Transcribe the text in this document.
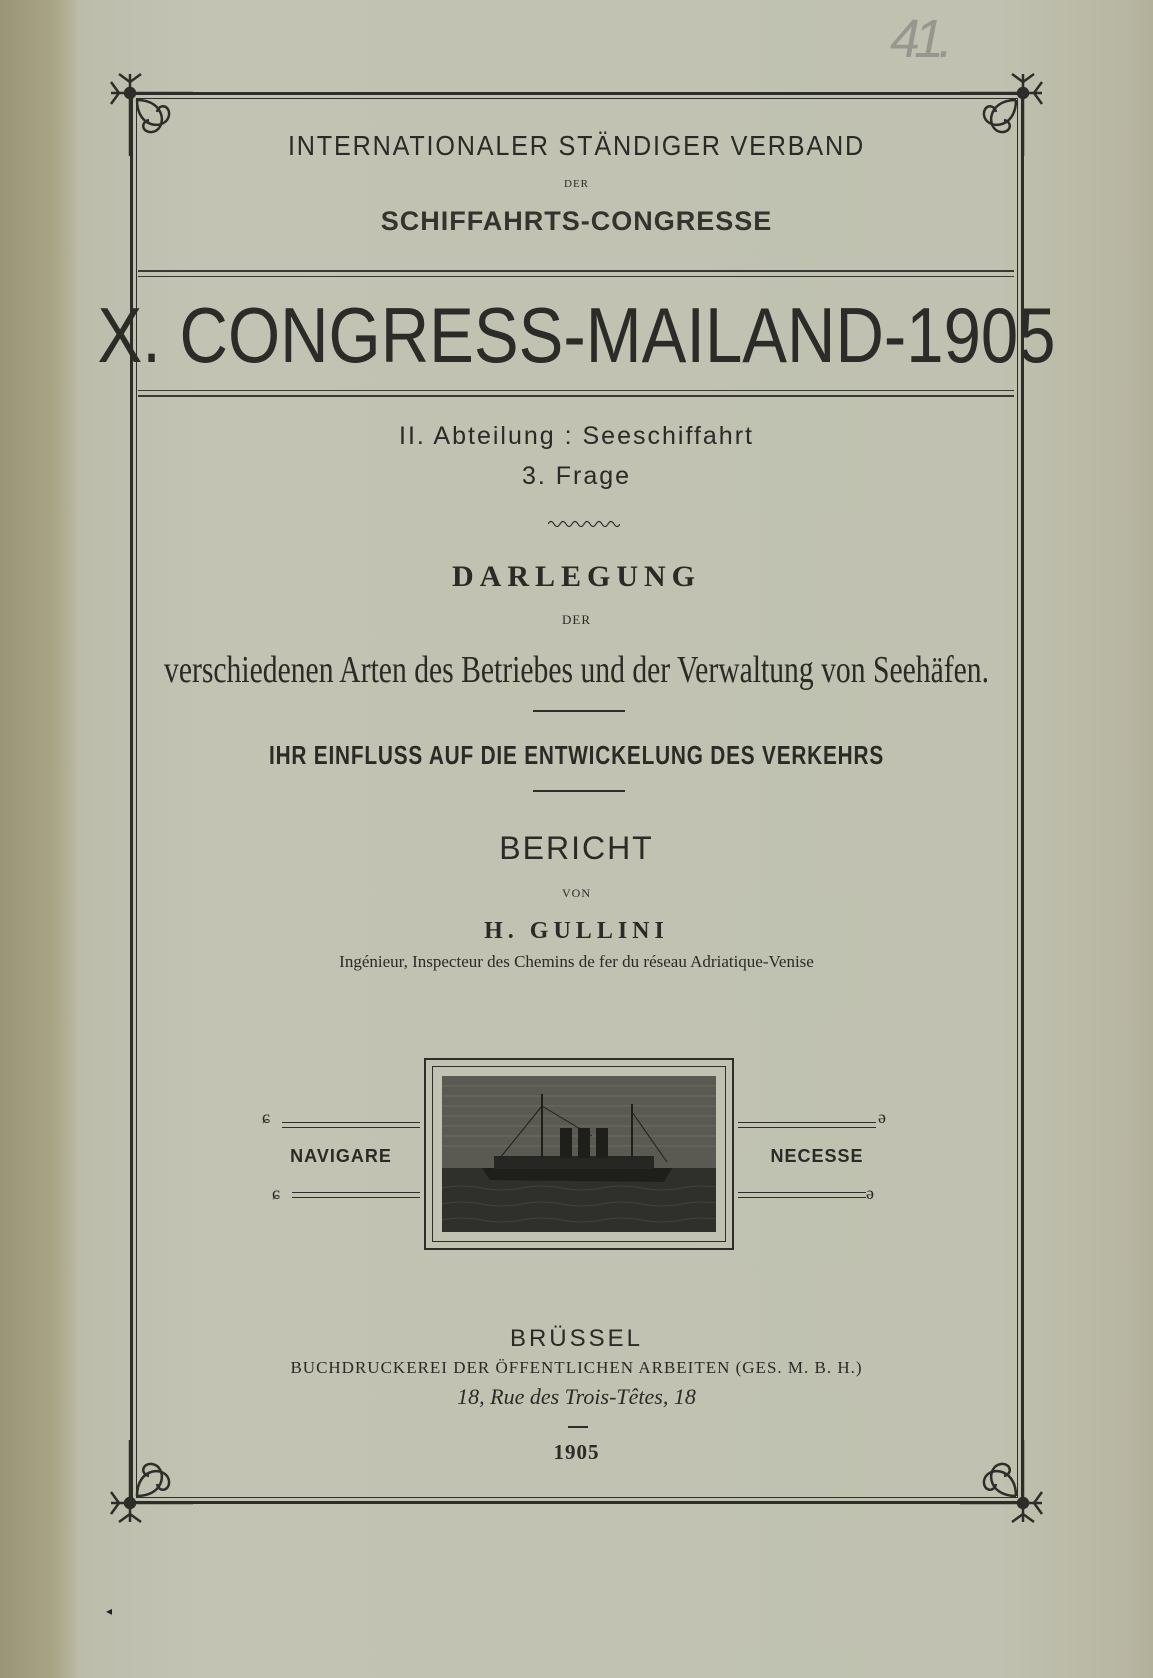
41.
INTERNATIONALER STÄNDIGER VERBAND
DER
SCHIFFAHRTS-CONGRESSE
X. CONGRESS-MAILAND-1905
II. Abteilung : Seeschiffahrt
3. Frage
DARLEGUNG
DER
verschiedenen Arten des Betriebes und der Verwaltung von Seehäfen.
IHR EINFLUSS AUF DIE ENTWICKELUNG DES VERKEHRS
BERICHT
VON
H. GULLINI
Ingénieur, Inspecteur des Chemins de fer du réseau Adriatique-Venise
ɕ
NAVIGARE
ɕ
ə
NECESSE
ə
BRÜSSEL
BUCHDRUCKEREI DER ÖFFENTLICHEN ARBEITEN (GES. M. B. H.)
18, Rue des Trois-Têtes, 18
1905
◂
